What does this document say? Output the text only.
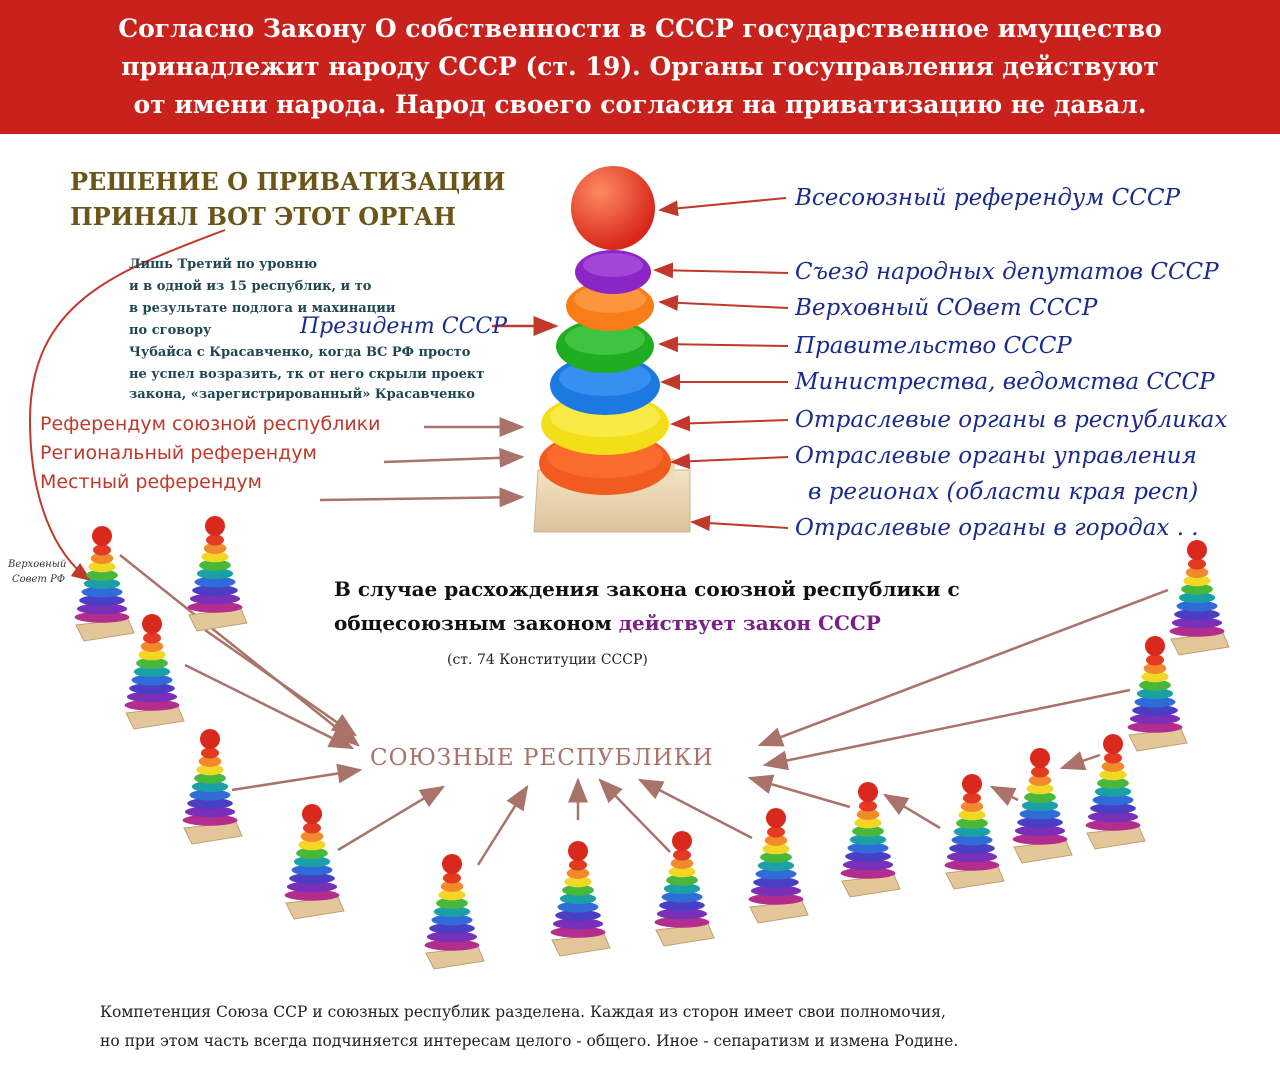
Согласно Закону О собственности в СССР государственное имущество
принадлежит народу СССР (ст. 19). Органы госуправления действуют
от имени народа. Народ своего согласия на приватизацию не давал.
РЕШЕНИЕ О ПРИВАТИЗАЦИИ
ПРИНЯЛ ВОТ ЭТОТ ОРГАН
Лишь Третий по уровню
и в одной из 15 республик, и то
в результате подлога и махинации
по сговору
Чубайса с Красавченко, когда ВС РФ просто
не успел возразить, тк от него скрыли проект
закона, «зарегистрированный» Красавченко
Президент СССР
Всесоюзный референдум СССР
Съезд народных депутатов СССР
Верховный СОвет СССР
Правительство СССР
Министрества, ведомства СССР
Отраслевые органы в республиках
Отраслевые органы управления
в регионах (области края респ)
Отраслевые органы в городах . .
Референдум союзной республики
Региональный референдум
Местный референдум
Верховный
Совет РФ	В случае расхождения закона союзной республики с
общесоюзным законом действует закон СССР
(ст. 74 Конституции СССР)
СОЮЗНЫЕ РЕСПУБЛИКИ
Компетенция Союза ССР и союзных республик разделена. Каждая из сторон имеет свои полномочия,
но при этом часть всегда подчиняется интересам целого - общего. Иное - сепаратизм и измена Родине.
